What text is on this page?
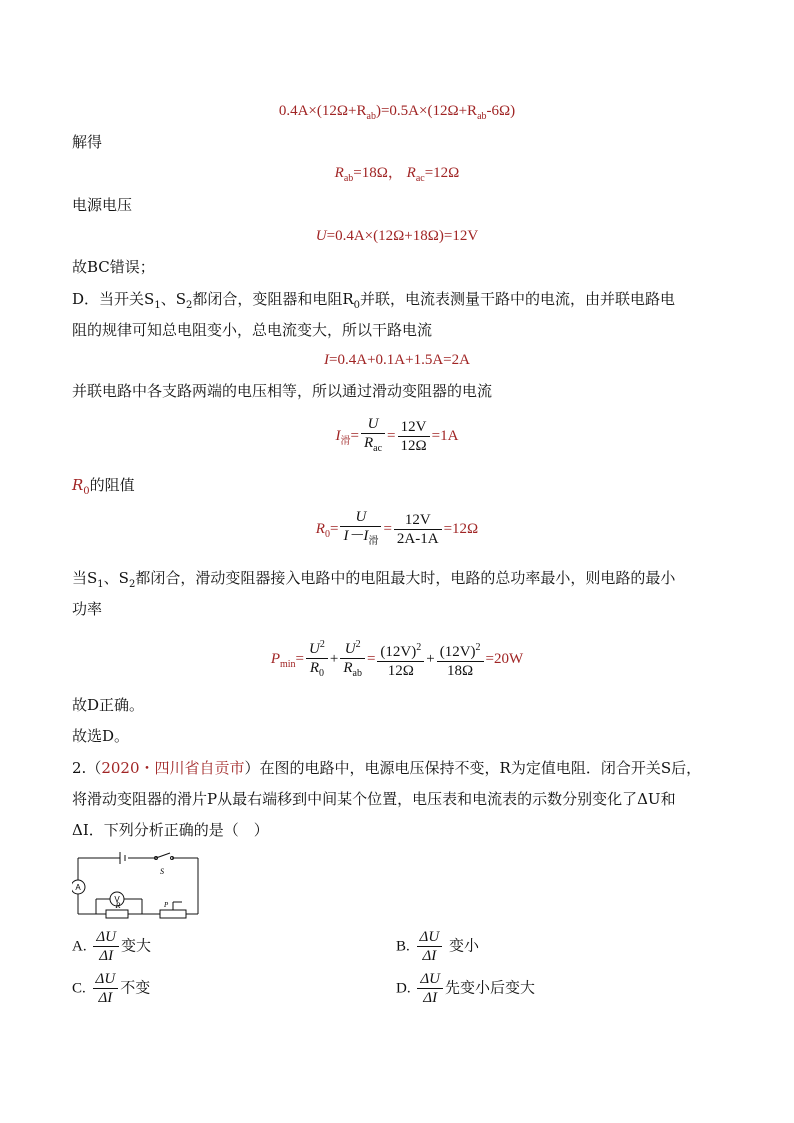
$0.4A\times(12\Omega+R_{ab})=0.5A\times(12\Omega+R_{ab}-6\Omega)$
解得
$R_{ab}=18\Omega$， $R_{ac}=12\Omega$
电源电压
U=0.4A×(12Ω+18Ω)=12V
故BC错误；
D．当开关$S_1$、$S_2$都闭合，变阻器和电阻$R_0$并联，电流表测量干路中的电流，由并联电路电
阻的规律可知总电阻变小，总电流变大，所以干路电流
I=0.4A+0.1A+1.5A=2A
并联电路中各支路两端的电压相等，所以通过滑动变阻器的电流
$I_滑= \frac{U}{R_{ac}} = \frac{12V}{12\Omega} =1A$
$R_0$的阻值
$R_0= \frac{U}{I-I_滑} = \frac{12V}{2A-1A} =12\Omega$
当$S_1$、$S_2$都闭合，滑动变阻器接入电路中的电阻最大时，电路的总功率最小，则电路的最小
功率
$P_{min}= \frac{U^2}{R_0} + \frac{U^2}{R_{ab}} = \frac{(12V)^2}{12\Omega} + \frac{(12V)^2}{18\Omega} =20W$
故D正确。
故选D。
2.（2020・四川省自贡市）在图的电路中，电源电压保持不变，R为定值电阻．闭合开关S后，
将滑动变阻器的滑片P从最右端移到中间某个位置，电压表和电流表的示数分别变化了ΔU和
ΔI．下列分析正确的是（　）
A
V
S
R	P
A. $\frac{\Delta U}{\Delta I}$ 变大	B. $\frac{\Delta U}{\Delta I}$ 变小
C. $\frac{\Delta U}{\Delta I}$ 不变	D. $\frac{\Delta U}{\Delta I}$ 先变小后变大
